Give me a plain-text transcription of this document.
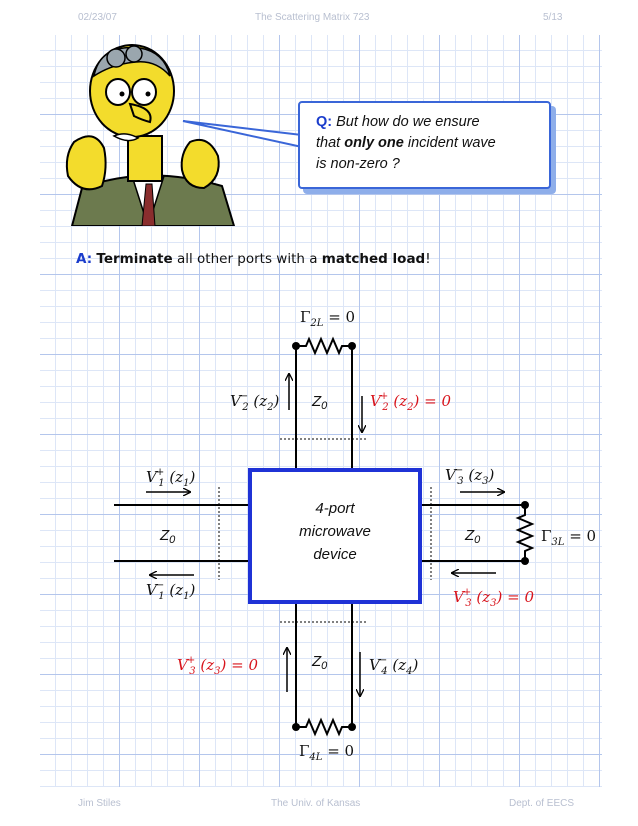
02/23/07	The Scattering Matrix 723	5/13
Q: But how do we ensure
that only one incident wave
is non-zero ?
A: Terminate all other ports with a matched load!
4-port
microwave
device
$\Gamma_{2L} = 0$
V− 2 $(z_2)$ $Z_0$	V+ 2 $(z_2) = 0$
V+ 1 $(z_1)$
$Z_0$
V− 1 $(z_1)$
V− 3 $(z_3)$
$Z_0$	$\Gamma_{3L} = 0$
V+ 3 $(z_3) = 0$
V+ 3 $(z_3) = 0$	$Z_0$	V− 4 $(z_4)$
$\Gamma_{4L} = 0$
Jim Stiles	The Univ. of Kansas	Dept. of EECS
